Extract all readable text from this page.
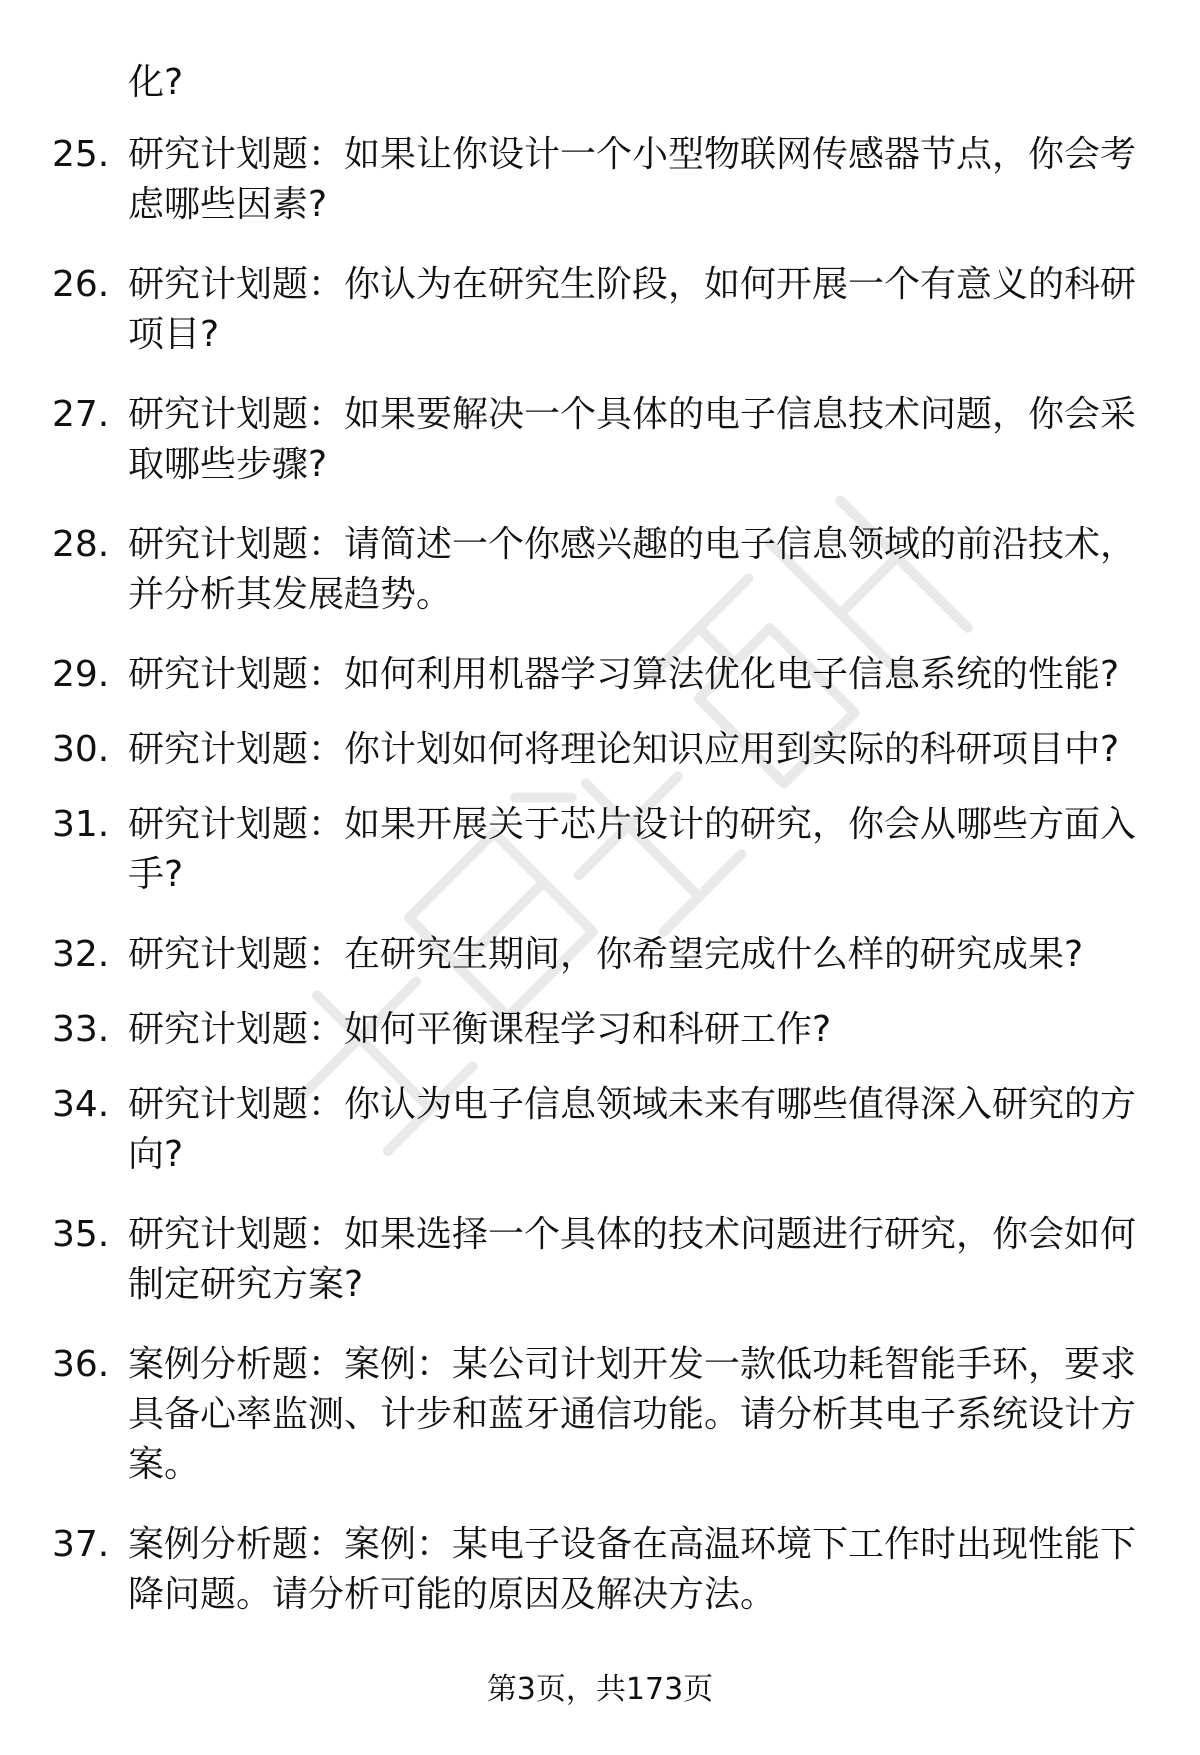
化?
25. 研究计划题：如果让你设计一个小型物联网传感器节点，你会考
虑哪些因素?
26. 研究计划题：你认为在研究生阶段，如何开展一个有意义的科研
项目?
27. 研究计划题：如果要解决一个具体的电子信息技术问题，你会采
取哪些步骤?
28. 研究计划题：请简述一个你感兴趣的电子信息领域的前沿技术，
并分析其发展趋势。
29. 研究计划题：如何利用机器学习算法优化电子信息系统的性能?
30. 研究计划题：你计划如何将理论知识应用到实际的科研项目中?
31. 研究计划题：如果开展关于芯片设计的研究，你会从哪些方面入
手?
32. 研究计划题：在研究生期间，你希望完成什么样的研究成果?
33. 研究计划题：如何平衡课程学习和科研工作?
34. 研究计划题：你认为电子信息领域未来有哪些值得深入研究的方
向?
35. 研究计划题：如果选择一个具体的技术问题进行研究，你会如何
制定研究方案?
36. 案例分析题：案例：某公司计划开发一款低功耗智能手环，要求
具备心率监测、计步和蓝牙通信功能。请分析其电子系统设计方
案。
37. 案例分析题：案例：某电子设备在高温环境下工作时出现性能下
降问题。请分析可能的原因及解决方法。
第3页，共173页
